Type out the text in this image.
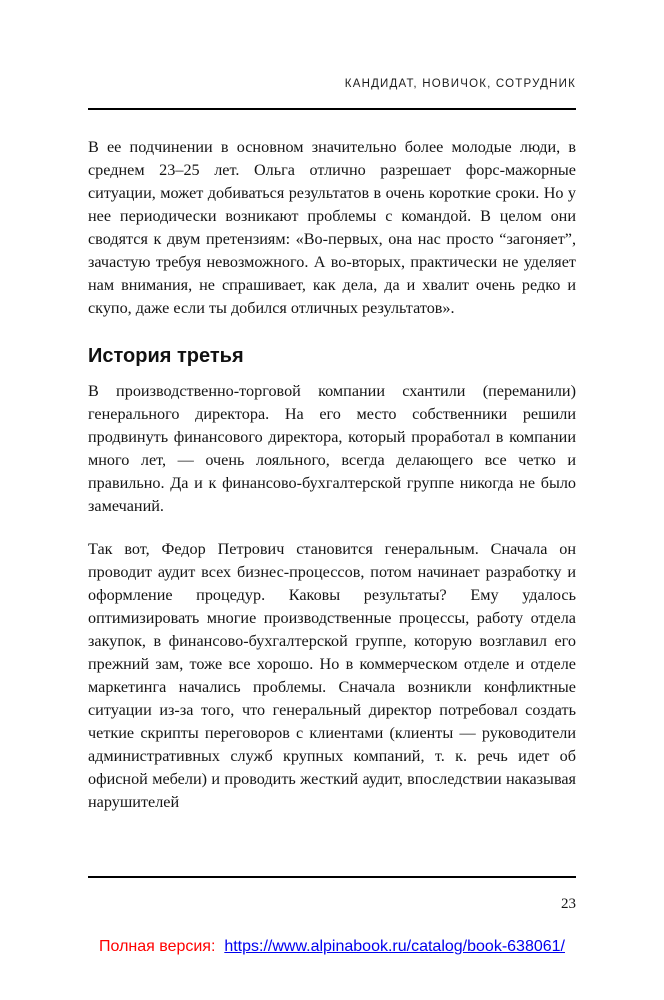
КАНДИДАТ, НОВИЧОК, СОТРУДНИК

В ее подчинении в основном значительно более молодые люди, в среднем 23–25 лет. Ольга отлично разрешает форс-мажорные ситуации, может добиваться результатов в очень короткие сроки. Но у нее периодически возникают проблемы с командой. В целом они сводятся к двум претензиям: «Во-первых, она нас просто “загоняет”, зачастую требуя невозможного. А во-вторых, практически не уделяет нам внимания, не спрашивает, как дела, да и хвалит очень редко и скупо, даже если ты добился отличных результатов».

История третья

В производственно-торговой компании схантили (переманили) генерального директора. На его место собственники решили продвинуть финансового директора, который проработал в компании много лет, — очень лояльного, всегда делающего все четко и правильно. Да и к финансово-бухгалтерской группе никогда не было замечаний.

Так вот, Федор Петрович становится генеральным. Сначала он проводит аудит всех бизнес-процессов, потом начинает разработку и оформление процедур. Каковы результаты? Ему удалось оптимизировать многие производственные процессы, работу отдела закупок, в финансово-бухгалтерской группе, которую возглавил его прежний зам, тоже все хорошо. Но в коммерческом отделе и отделе маркетинга начались проблемы. Сначала возникли конфликтные ситуации из-за того, что генеральный директор потребовал создать четкие скрипты переговоров с клиентами (клиенты — руководители административных служб крупных компаний, т. к. речь идет об офисной мебели) и проводить жесткий аудит, впоследствии наказывая нарушителей

23
Полная версия: https://www.alpinabook.ru/catalog/book-638061/
